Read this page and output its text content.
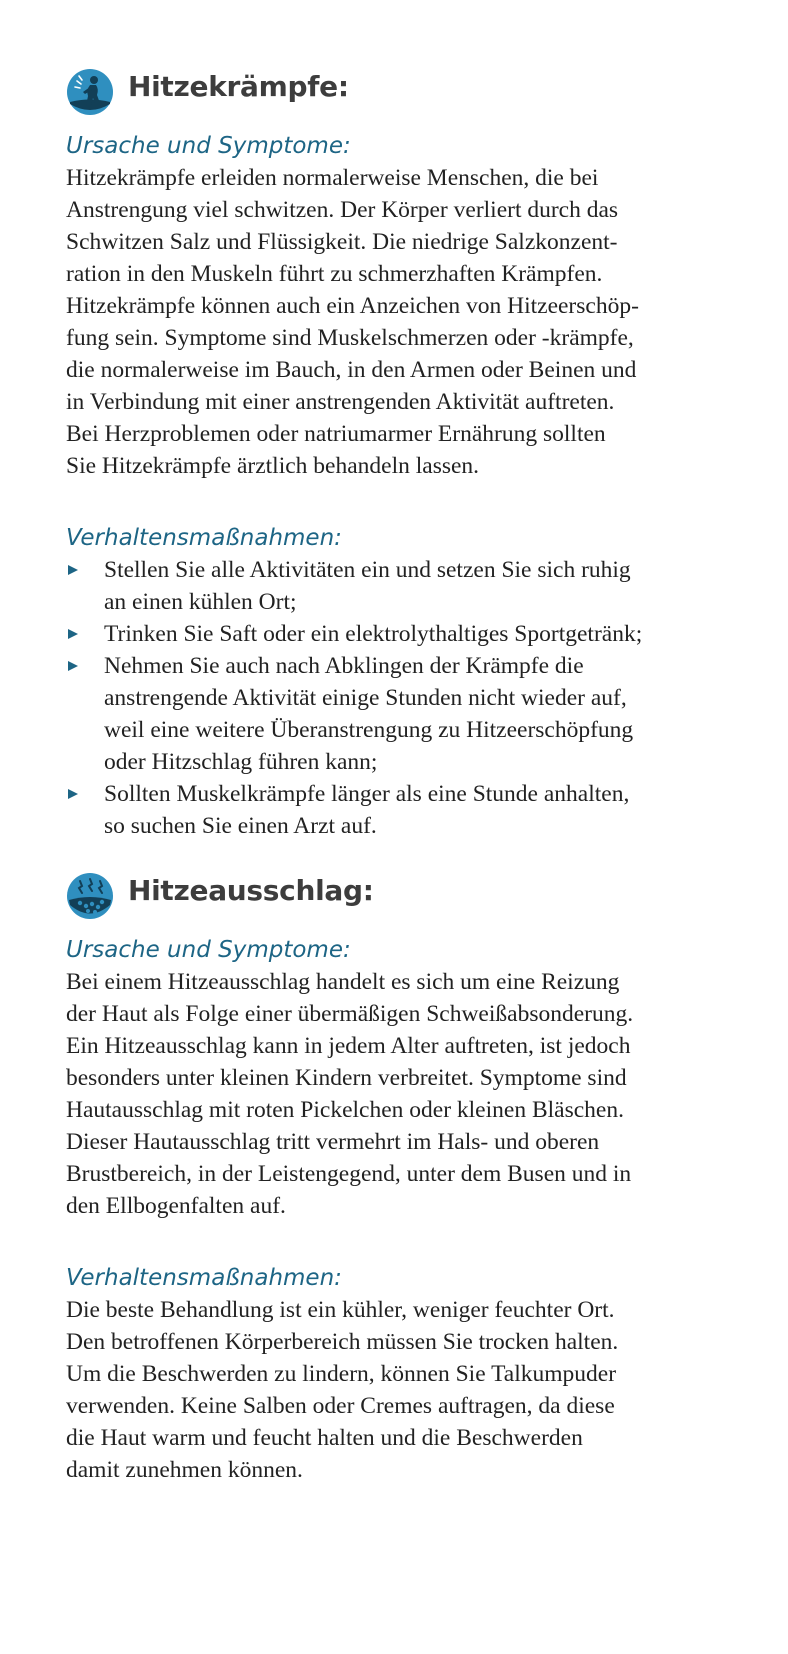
Hitzekrämpfe:

Ursache und Symptome:

Hitzekrämpfe erleiden normalerweise Menschen, die bei
Anstrengung viel schwitzen. Der Körper verliert durch das
Schwitzen Salz und Flüssigkeit. Die niedrige Salzkonzent-
ration in den Muskeln führt zu schmerzhaften Krämpfen.
Hitzekrämpfe können auch ein Anzeichen von Hitzeerschöp-
fung sein. Symptome sind Muskelschmerzen oder -krämpfe,
die normalerweise im Bauch, in den Armen oder Beinen und
in Verbindung mit einer anstrengenden Aktivität auftreten.
Bei Herzproblemen oder natriumarmer Ernährung sollten
Sie Hitzekrämpfe ärztlich behandeln lassen.

Verhaltensmaßnahmen:

Stellen Sie alle Aktivitäten ein und setzen Sie sich ruhig
an einen kühlen Ort;
Trinken Sie Saft oder ein elektrolythaltiges Sportgetränk;
Nehmen Sie auch nach Abklingen der Krämpfe die
anstrengende Aktivität einige Stunden nicht wieder auf,
weil eine weitere Überanstrengung zu Hitzeerschöpfung
oder Hitzschlag führen kann;
Sollten Muskelkrämpfe länger als eine Stunde anhalten,
so suchen Sie einen Arzt auf.
Hitzeausschlag:

Ursache und Symptome:

Bei einem Hitzeausschlag handelt es sich um eine Reizung
der Haut als Folge einer übermäßigen Schweißabsonderung.
Ein Hitzeausschlag kann in jedem Alter auftreten, ist jedoch
besonders unter kleinen Kindern verbreitet. Symptome sind
Hautausschlag mit roten Pickelchen oder kleinen Bläschen.
Dieser Hautausschlag tritt vermehrt im Hals- und oberen
Brustbereich, in der Leistengegend, unter dem Busen und in
den Ellbogenfalten auf.

Verhaltensmaßnahmen:

Die beste Behandlung ist ein kühler, weniger feuchter Ort.
Den betroffenen Körperbereich müssen Sie trocken halten.
Um die Beschwerden zu lindern, können Sie Talkumpuder
verwenden. Keine Salben oder Cremes auftragen, da diese
die Haut warm und feucht halten und die Beschwerden
damit zunehmen können.
